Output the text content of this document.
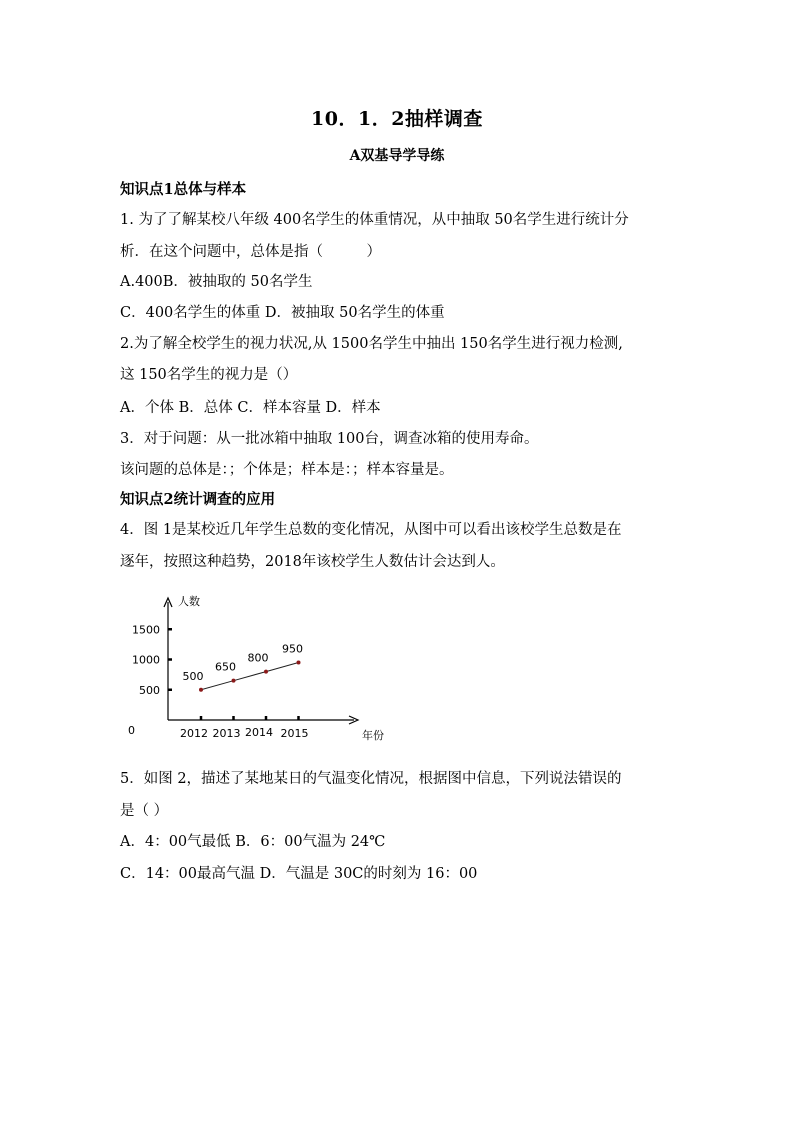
10．1．2抽样调查
A双基导学导练
知识点1总体与样本
1. 为了了解某校八年级 400名学生的体重情况，从中抽取 50名学生进行统计分
析．在这个问题中，总体是指（　　　）
A.400B．被抽取的 50名学生
C．400名学生的体重 D．被抽取 50名学生的体重
2.为了解全校学生的视力状况,从 1500名学生中抽出 150名学生进行视力检测,
这 150名学生的视力是（）
A．个体 B．总体 C．样本容量 D．样本
3．对于问题：从一批冰箱中抽取 100台，调查冰箱的使用寿命。
该问题的总体是：；个体是；样本是：；样本容量是。
知识点2统计调查的应用
4．图 1是某校近几年学生总数的变化情况，从图中可以看出该校学生总数是在
逐年，按照这种趋势，2018年该校学生人数估计会达到人。
500
1000
1500
2012 2013 2014 2015
500
650
800
950
人数
年份
0
5．如图 2，描述了某地某日的气温变化情况，根据图中信息，下列说法错误的
是（ ）
A．4：00气最低 B．6：00气温为 24℃
C．14：00最高气温 D．气温是 30C的时刻为 16：00
